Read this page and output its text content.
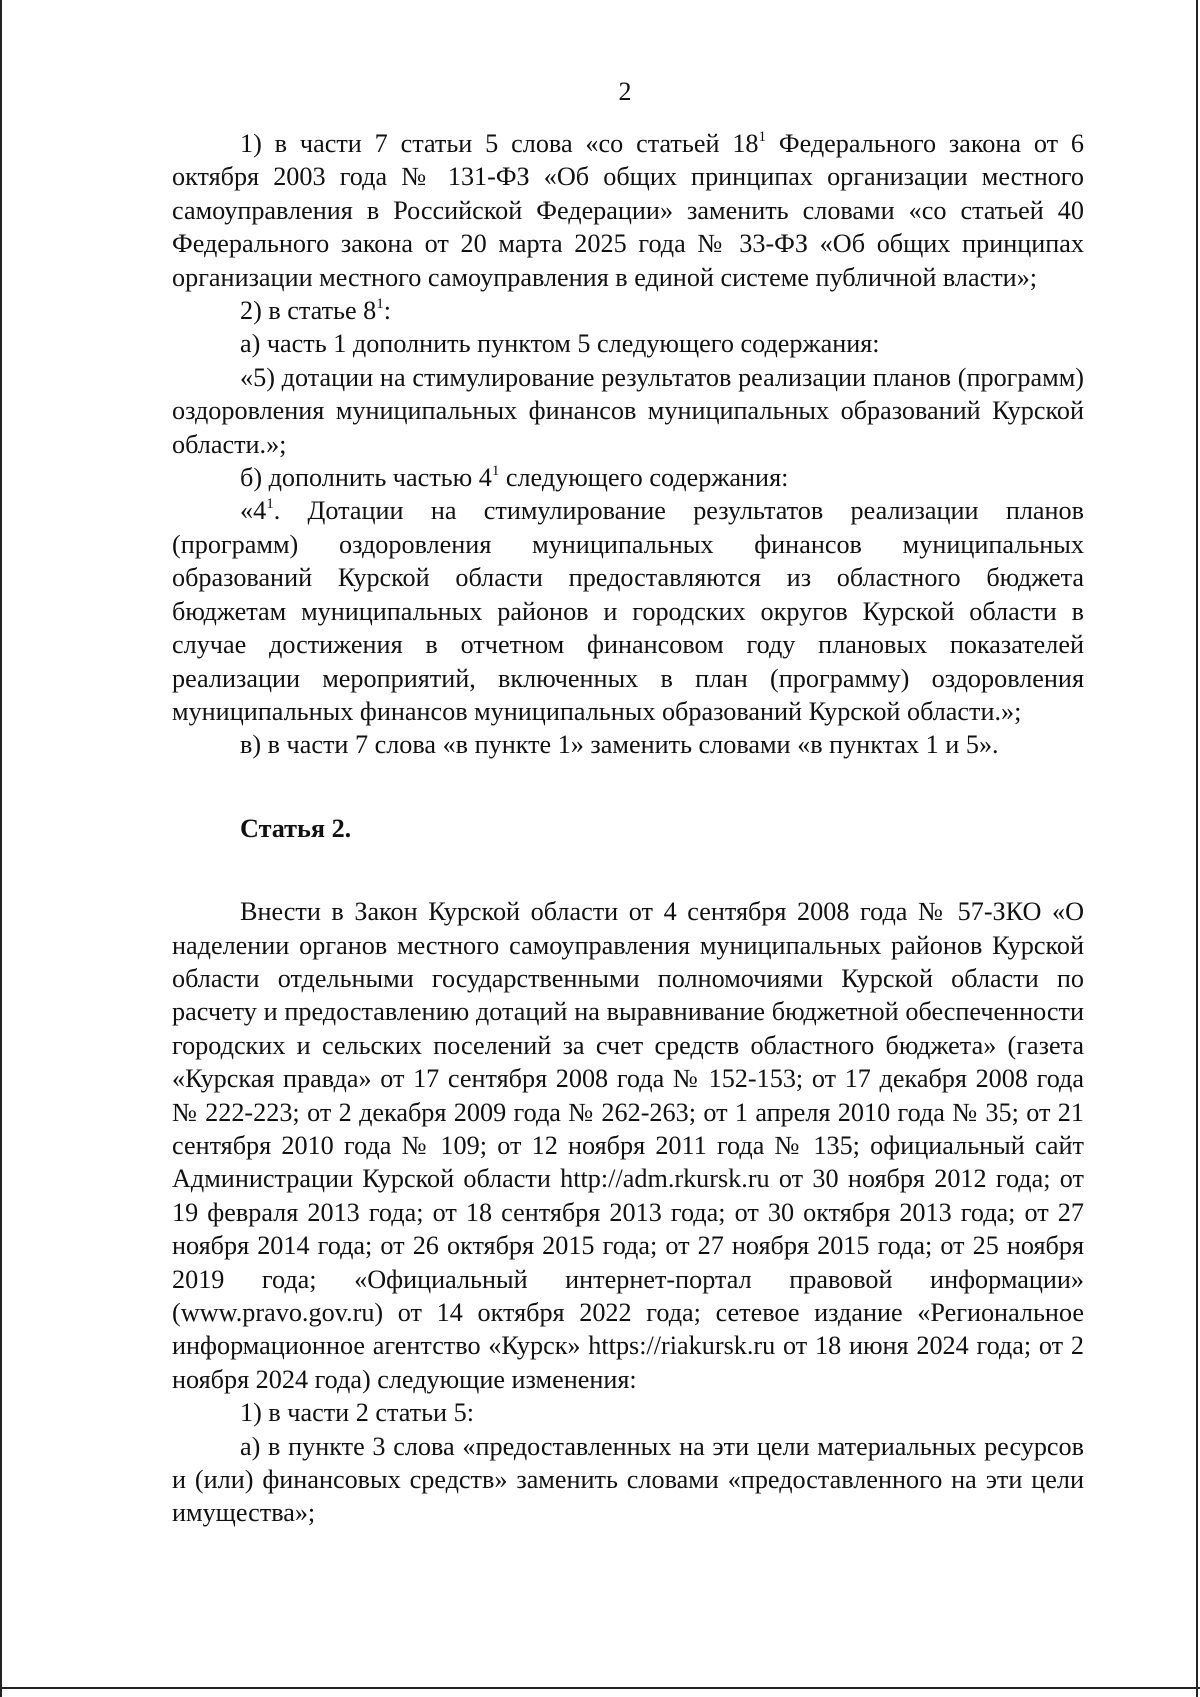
2

1) в части 7 статьи 5 слова «со статьей $18^1$ Федерального закона от 6 октября 2003 года № 131-ФЗ «Об общих принципах организации местного самоуправления в Российской Федерации» заменить словами «со статьей 40 Федерального закона от 20 марта 2025 года № 33-ФЗ «Об общих принципах организации местного самоуправления в единой системе публичной власти»;

2) в статье $8^1$:

а) часть 1 дополнить пунктом 5 следующего содержания:

«5) дотации на стимулирование результатов реализации планов (программ) оздоровления муниципальных финансов муниципальных образований Курской области.»;

б) дополнить частью $4^1$ следующего содержания:

«$4^1$. Дотации на стимулирование результатов реализации планов (программ) оздоровления муниципальных финансов муниципальных образований Курской области предоставляются из областного бюджета бюджетам муниципальных районов и городских округов Курской области в случае достижения в отчетном финансовом году плановых показателей реализации мероприятий, включенных в план (программу) оздоровления муниципальных финансов муниципальных образований Курской области.»;

в) в части 7 слова «в пункте 1» заменить словами «в пунктах 1 и 5».

Статья 2.

Внести в Закон Курской области от 4 сентября 2008 года № 57-ЗКО «О наделении органов местного самоуправления муниципальных районов Курской области отдельными государственными полномочиями Курской области по расчету и предоставлению дотаций на выравнивание бюджетной обеспеченности городских и сельских поселений за счет средств областного бюджета» (газета «Курская правда» от 17 сентября 2008 года № 152-153; от 17 декабря 2008 года № 222-223; от 2 декабря 2009 года № 262-263; от 1 апреля 2010 года № 35; от 21 сентября 2010 года № 109; от 12 ноября 2011 года № 135; официальный сайт Администрации Курской области http://adm.rkursk.ru от 30 ноября 2012 года; от 19 февраля 2013 года; от 18 сентября 2013 года; от 30 октября 2013 года; от 27 ноября 2014 года; от 26 октября 2015 года; от 27 ноября 2015 года; от 25 ноября 2019 года; «Официальный интернет-портал правовой информации» (www.pravo.gov.ru) от 14 октября 2022 года; сетевое издание «Региональное информационное агентство «Курск» https://riakursk.ru от 18 июня 2024 года; от 2 ноября 2024 года) следующие изменения:

1) в части 2 статьи 5:

а) в пункте 3 слова «предоставленных на эти цели материальных ресурсов и (или) финансовых средств» заменить словами «предоставленного на эти цели имущества»;
